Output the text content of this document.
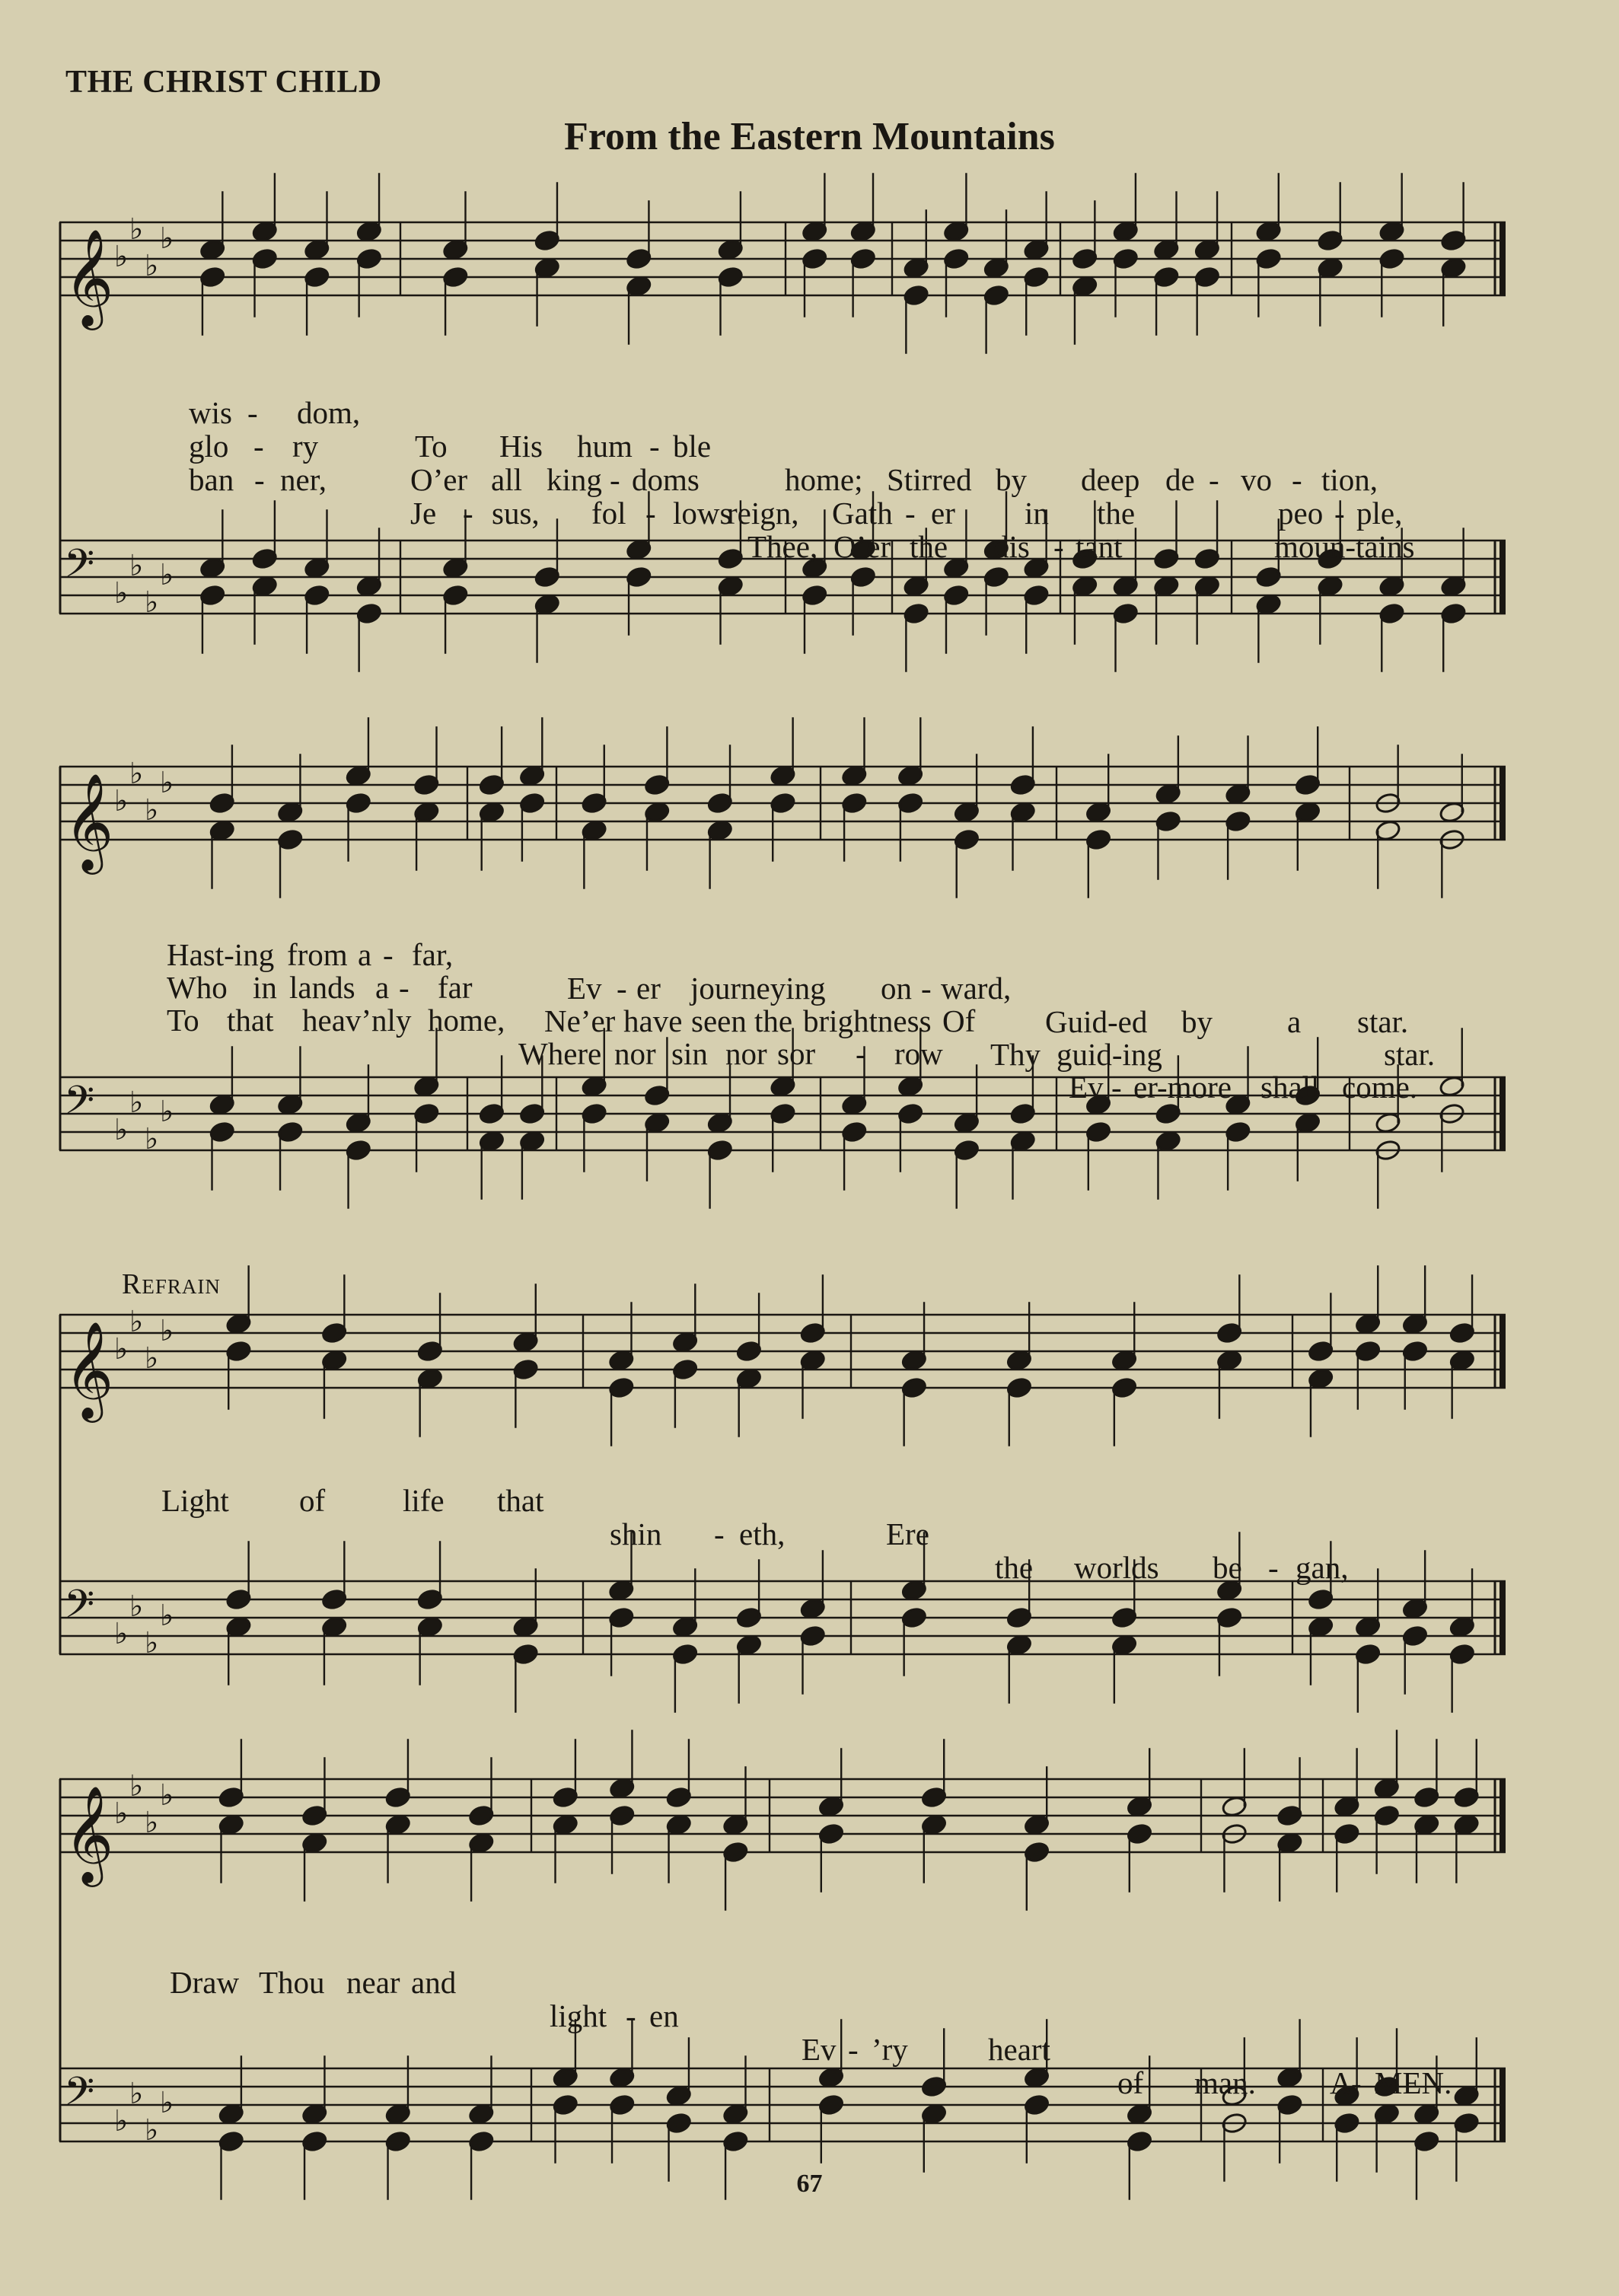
THE CHRIST CHILD
From the Eastern Mountains
𝄞 ♭
♭
♭
♭
𝄢 ♭
♭
♭
♭

wis - dom,

To His hum - ble

home; Stirred by deep de - vo - tion,

glo - ry

O’er all king - doms

reign, Gath - er in the	peo - ple,

ban - ner,

Je - sus, fol - lows

Thee, O’er the dis - tant	moun-tains

𝄞 ♭
♭
♭
♭
𝄢 ♭
♭
♭
♭

Hast-ing from a - far,

Ev - er journeying on - ward,

Guid-ed by a star.

Who in lands a - far

Ne’er have seen the brightness Of

Thy guid-ing	star.

To that heav’nly home,

Where nor sin nor sor - row

Ev - er-more shall come.

Refrain
𝄞 ♭
♭
♭
♭
𝄢 ♭
♭
♭
♭

Light of life that

shin - eth,	Ere

the worlds be - gan,

𝄞 ♭
♭
♭
♭
𝄢 ♭
♭
♭
♭

Draw Thou near and

light - en

Ev - ’ry	heart

of man. A
- MEN.

67
